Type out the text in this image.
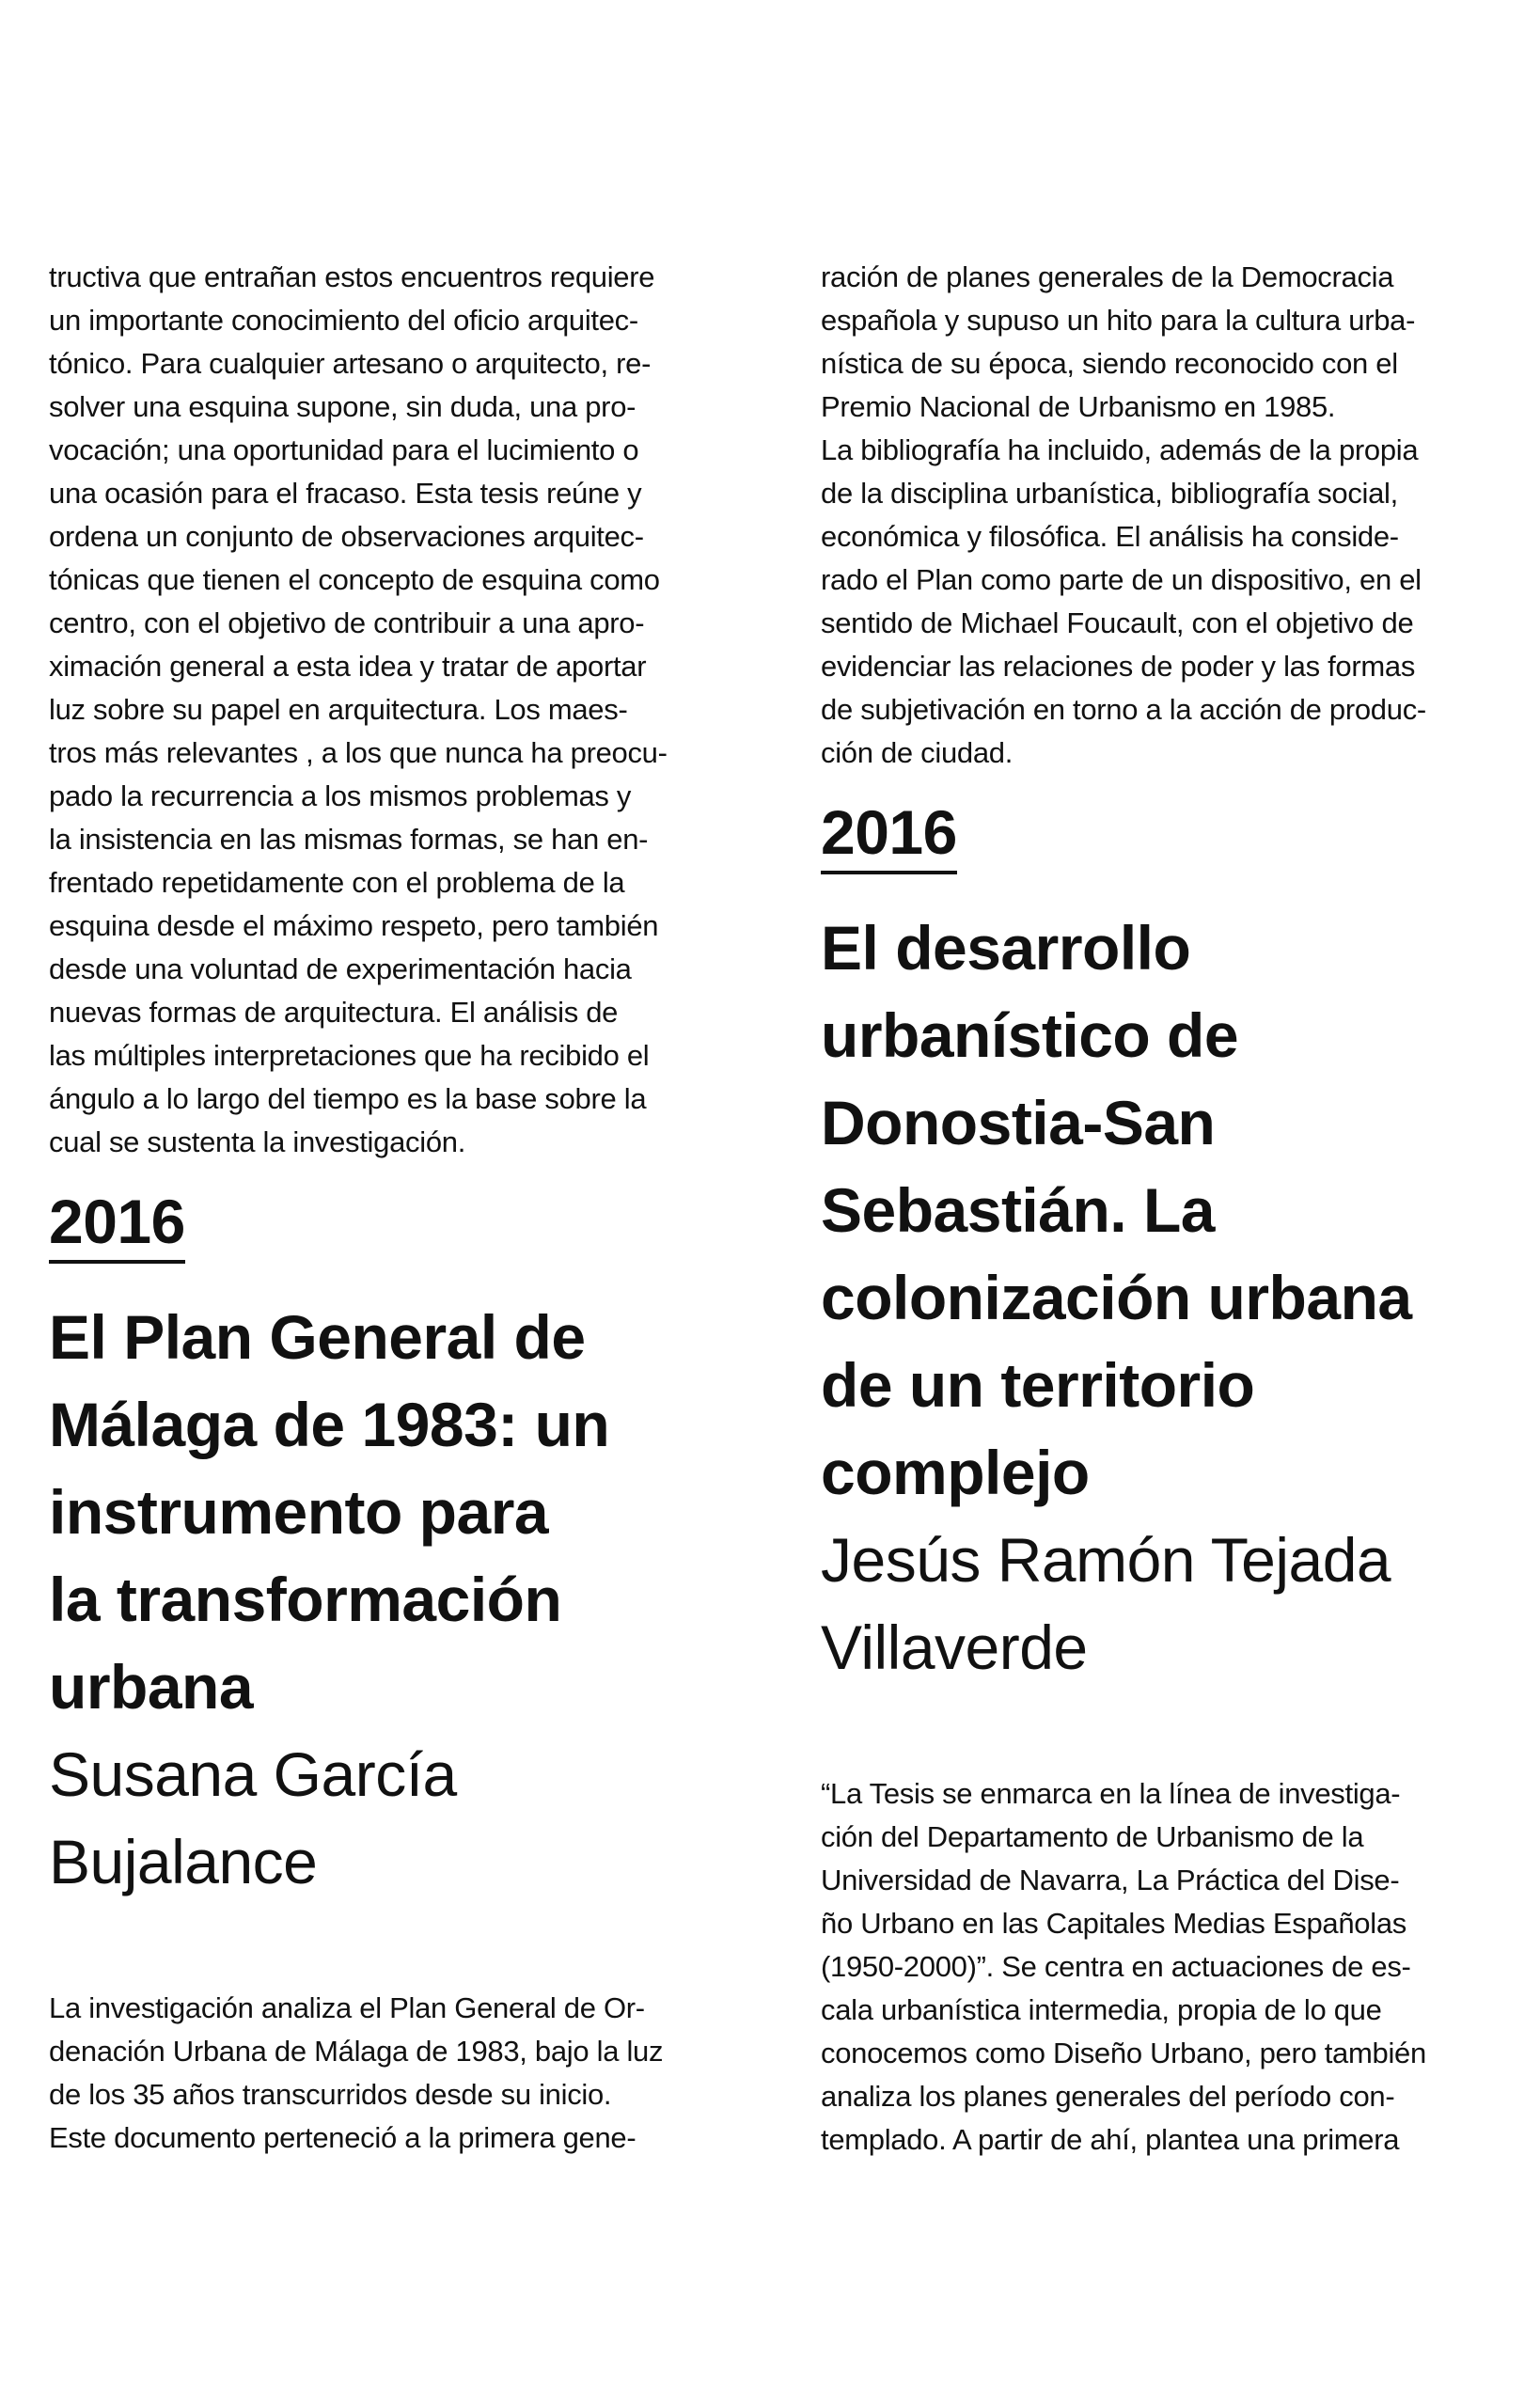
tructiva que entrañan estos encuentros requiere
un importante conocimiento del oficio arquitec-
tónico. Para cualquier artesano o arquitecto, re-
solver una esquina supone, sin duda, una pro-
vocación; una oportunidad para el lucimiento o
una ocasión para el fracaso. Esta tesis reúne y
ordena un conjunto de observaciones arquitec-
tónicas que tienen el concepto de esquina como
centro, con el objetivo de contribuir a una apro-
ximación general a esta idea y tratar de aportar
luz sobre su papel en arquitectura. Los maes-
tros más relevantes , a los que nunca ha preocu-
pado la recurrencia a los mismos problemas y
la insistencia en las mismas formas, se han en-
frentado repetidamente con el problema de la
esquina desde el máximo respeto, pero también
desde una voluntad de experimentación hacia
nuevas formas de arquitectura. El análisis de
las múltiples interpretaciones que ha recibido el
ángulo a lo largo del tiempo es la base sobre la
cual se sustenta la investigación.
2016
El Plan General de
Málaga de 1983: un
instrumento para
la transformación
urbana
Susana García
Bujalance
La investigación analiza el Plan General de Or-
denación Urbana de Málaga de 1983, bajo la luz
de los 35 años transcurridos desde su inicio.
Este documento perteneció a la primera gene-
ración de planes generales de la Democracia
española y supuso un hito para la cultura urba-
nística de su época, siendo reconocido con el
Premio Nacional de Urbanismo en 1985.
La bibliografía ha incluido, además de la propia
de la disciplina urbanística, bibliografía social,
económica y filosófica. El análisis ha conside-
rado el Plan como parte de un dispositivo, en el
sentido de Michael Foucault, con el objetivo de
evidenciar las relaciones de poder y las formas
de subjetivación en torno a la acción de produc-
ción de ciudad.
2016
El desarrollo
urbanístico de
Donostia-San
Sebastián. La
colonización urbana
de un territorio
complejo
Jesús Ramón Tejada
Villaverde
“La Tesis se enmarca en la línea de investiga-
ción del Departamento de Urbanismo de la
Universidad de Navarra, La Práctica del Dise-
ño Urbano en las Capitales Medias Españolas
(1950-2000)”. Se centra en actuaciones de es-
cala urbanística intermedia, propia de lo que
conocemos como Diseño Urbano, pero también
analiza los planes generales del período con-
templado. A partir de ahí, plantea una primera
